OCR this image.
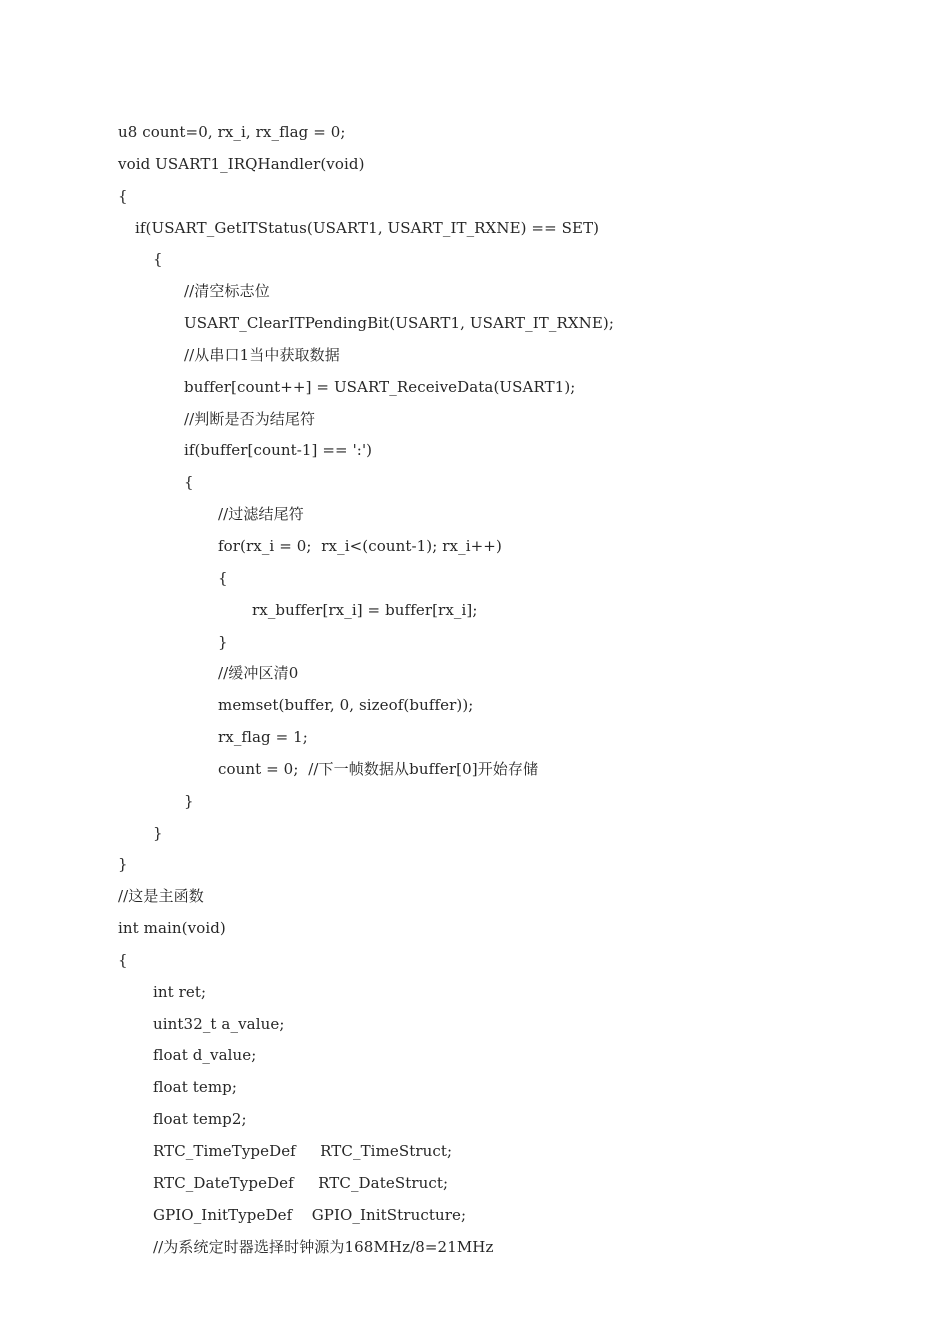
u8 count=0, rx_i, rx_flag = 0;
void USART1_IRQHandler(void)
{
if(USART_GetITStatus(USART1, USART_IT_RXNE) == SET)
{
//清空标志位
USART_ClearITPendingBit(USART1, USART_IT_RXNE);
//从串口1当中获取数据
buffer[count++] = USART_ReceiveData(USART1);
//判断是否为结尾符
if(buffer[count-1] == ':')
{
//过滤结尾符
for(rx_i = 0;  rx_i<(count-1); rx_i++)
{
rx_buffer[rx_i] = buffer[rx_i];
}
//缓冲区清0
memset(buffer, 0, sizeof(buffer));
rx_flag = 1;
count = 0;  //下一帧数据从buffer[0]开始存储
}
}
}
//这是主函数
int main(void)
{
int ret;
uint32_t a_value;
float d_value;
float temp;
float temp2;
RTC_TimeTypeDef     RTC_TimeStruct;
RTC_DateTypeDef     RTC_DateStruct;
GPIO_InitTypeDef    GPIO_InitStructure;
//为系统定时器选择时钟源为168MHz/8=21MHz
